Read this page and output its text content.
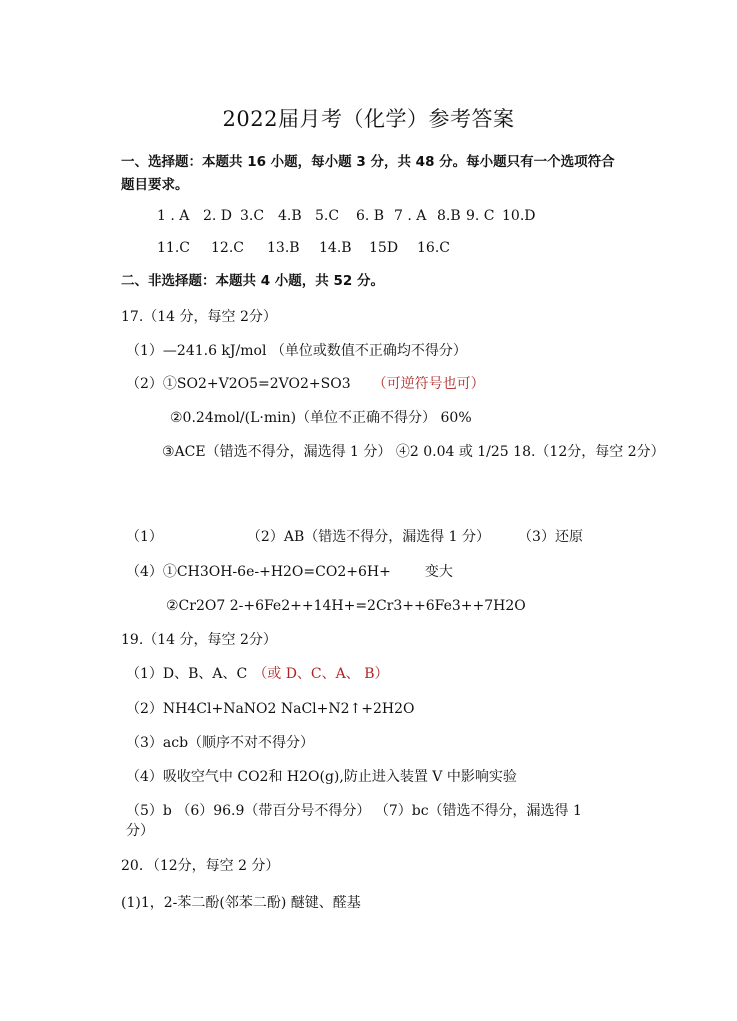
2022届月考（化学）参考答案
一、选择题：本题共 16 小题，每小题 3 分，共 48 分。每小题只有一个选项符合
题目要求。
1 . A 2. D 3.C 4.B 5.C 6. B 7 . A 8.B 9. C 10.D
11.C 12.C 13.B 14.B 15D 16.C
二、非选择题：本题共 4 小题，共 52 分。
17.（14 分，每空 2分）
（1）—241.6 kJ/mol （单位或数值不正确均不得分）
（2）①SO2+V2O5=2VO2+SO3 （可逆符号也可）
②0.24mol/(L·min)（单位不正确不得分） 60%
③ACE（错选不得分，漏选得 1 分） ④2 0.04 或 1/25 18.（12分，每空 2分）
（1）	（2）AB（错选不得分，漏选得 1 分） （3）还原
（4）①CH3OH-6e-+H2O=CO2+6H+ 变大
②Cr2O7 2-+6Fe2++14H+=2Cr3++6Fe3++7H2O
19.（14 分，每空 2分）
（1）D、B、A、C （或 D、C、A、 B）
（2）NH4Cl+NaNO2 NaCl+N2↑+2H2O
（3）acb（顺序不对不得分）
（4）吸收空气中 CO2和 H2O(g),防止进入装置 V 中影响实验
（5）b （6）96.9（带百分号不得分） （7）bc（错选不得分，漏选得 1
分）
20．（12分，每空 2 分）
(1)1，2-苯二酚(邻苯二酚) 醚键、醛基
